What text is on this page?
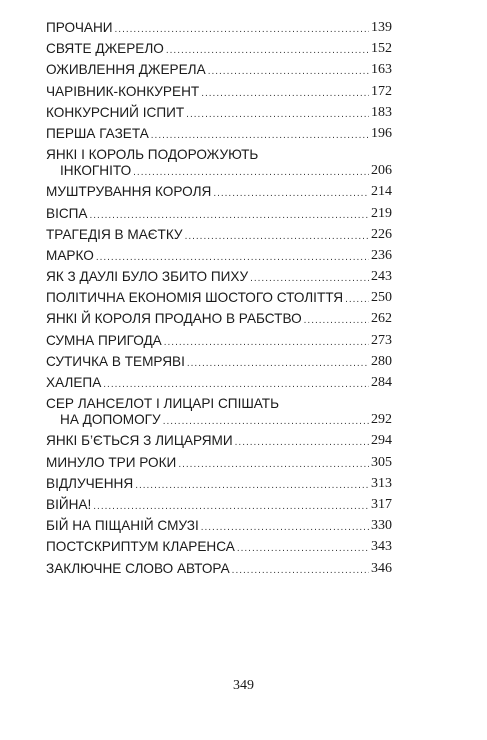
ПРОЧАНИ .....	139
СВЯТЕ ДЖЕРЕЛО .....	152
ОЖИВЛЕННЯ ДЖЕРЕЛА .....	163
ЧАРІВНИК-КОНКУРЕНТ .....	172
КОНКУРСНИЙ ІСПИТ .....	183
ПЕРША ГАЗЕТА .....	196
ЯНКІ І КОРОЛЬ ПОДОРОЖУЮТЬ
ІНКОГНІТО .....	206
МУШТРУВАННЯ КОРОЛЯ .....	214
ВІСПА .....	219
ТРАГЕДІЯ В МАЄТКУ .....	226
МАРКО .....	236
ЯК З ДАУЛІ БУЛО ЗБИТО ПИХУ .....	243
ПОЛІТИЧНА ЕКОНОМІЯ ШОСТОГО СТОЛІТТЯ ..... 250
ЯНКІ Й КОРОЛЯ ПРОДАНО В РАБСТВО .....	262
СУМНА ПРИГОДА .....	273
СУТИЧКА В ТЕМРЯВІ .....	280
ХАЛЕПА .....	284
СЕР ЛАНСЕЛОТ І ЛИЦАРІ СПІШАТЬ
НА ДОПОМОГУ .....	292
ЯНКІ Б’ЄТЬСЯ З ЛИЦАРЯМИ .....	294
МИНУЛО ТРИ РОКИ .....	305
ВІДЛУЧЕННЯ .....	313
ВІЙНА! .....	317
БІЙ НА ПІЩАНІЙ СМУЗІ .....	330
ПОСТСКРИПТУМ КЛАРЕНСА .....	343
ЗАКЛЮЧНЕ СЛОВО АВТОРА .....	346
349
